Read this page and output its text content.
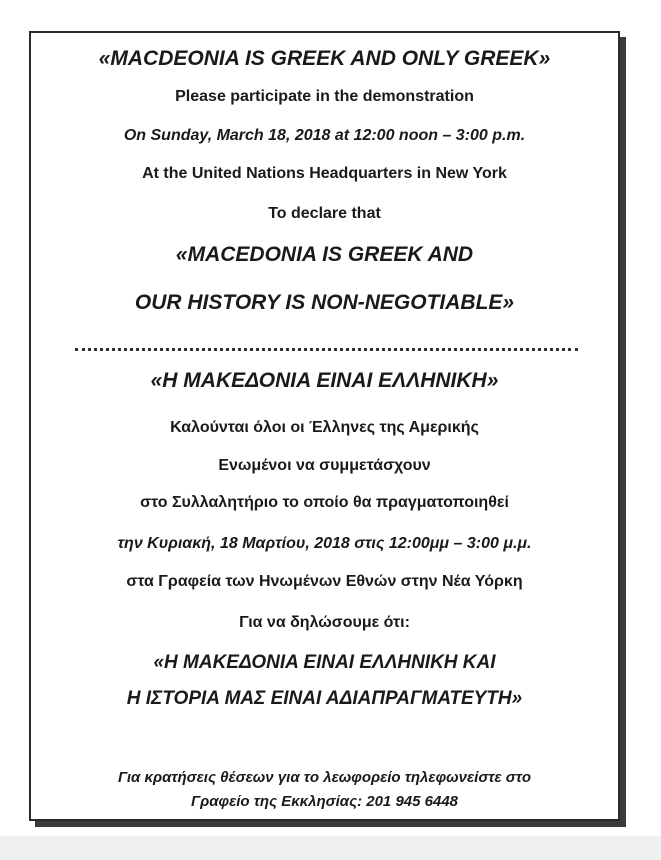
«MACDEONIA IS GREEK AND ONLY GREEK»
Please participate in the demonstration
On Sunday, March 18, 2018 at 12:00 noon – 3:00 p.m.
At the United Nations Headquarters in New York
To declare that
«MACEDONIA IS GREEK AND
OUR HISTORY IS NON-NEGOTIABLE»
«Η ΜΑΚΕΔΟΝΙΑ ΕΙΝΑΙ ΕΛΛΗΝΙΚΗ»
Καλούνται όλοι οι Έλληνες της Αμερικής
Ενωμένοι να συμμετάσχουν
στο Συλλαλητήριο το οποίο θα πραγματοποιηθεί
την Κυριακή, 18 Μαρτίου, 2018 στις 12:00μμ – 3:00 μ.μ.
στα Γραφεία των Ηνωμένων Εθνών στην Νέα Υόρκη
Για να δηλώσουμε ότι:
«Η ΜΑΚΕΔΟΝΙΑ ΕΙΝΑΙ ΕΛΛΗΝΙΚΗ ΚΑΙ
Η ΙΣΤΟΡΙΑ ΜΑΣ ΕΙΝΑΙ ΑΔΙΑΠΡΑΓΜΑΤΕΥΤΗ»
Για κρατήσεις θέσεων για το λεωφορείο τηλεφωνείστε στο
Γραφείο της Εκκλησίας: 201 945 6448
